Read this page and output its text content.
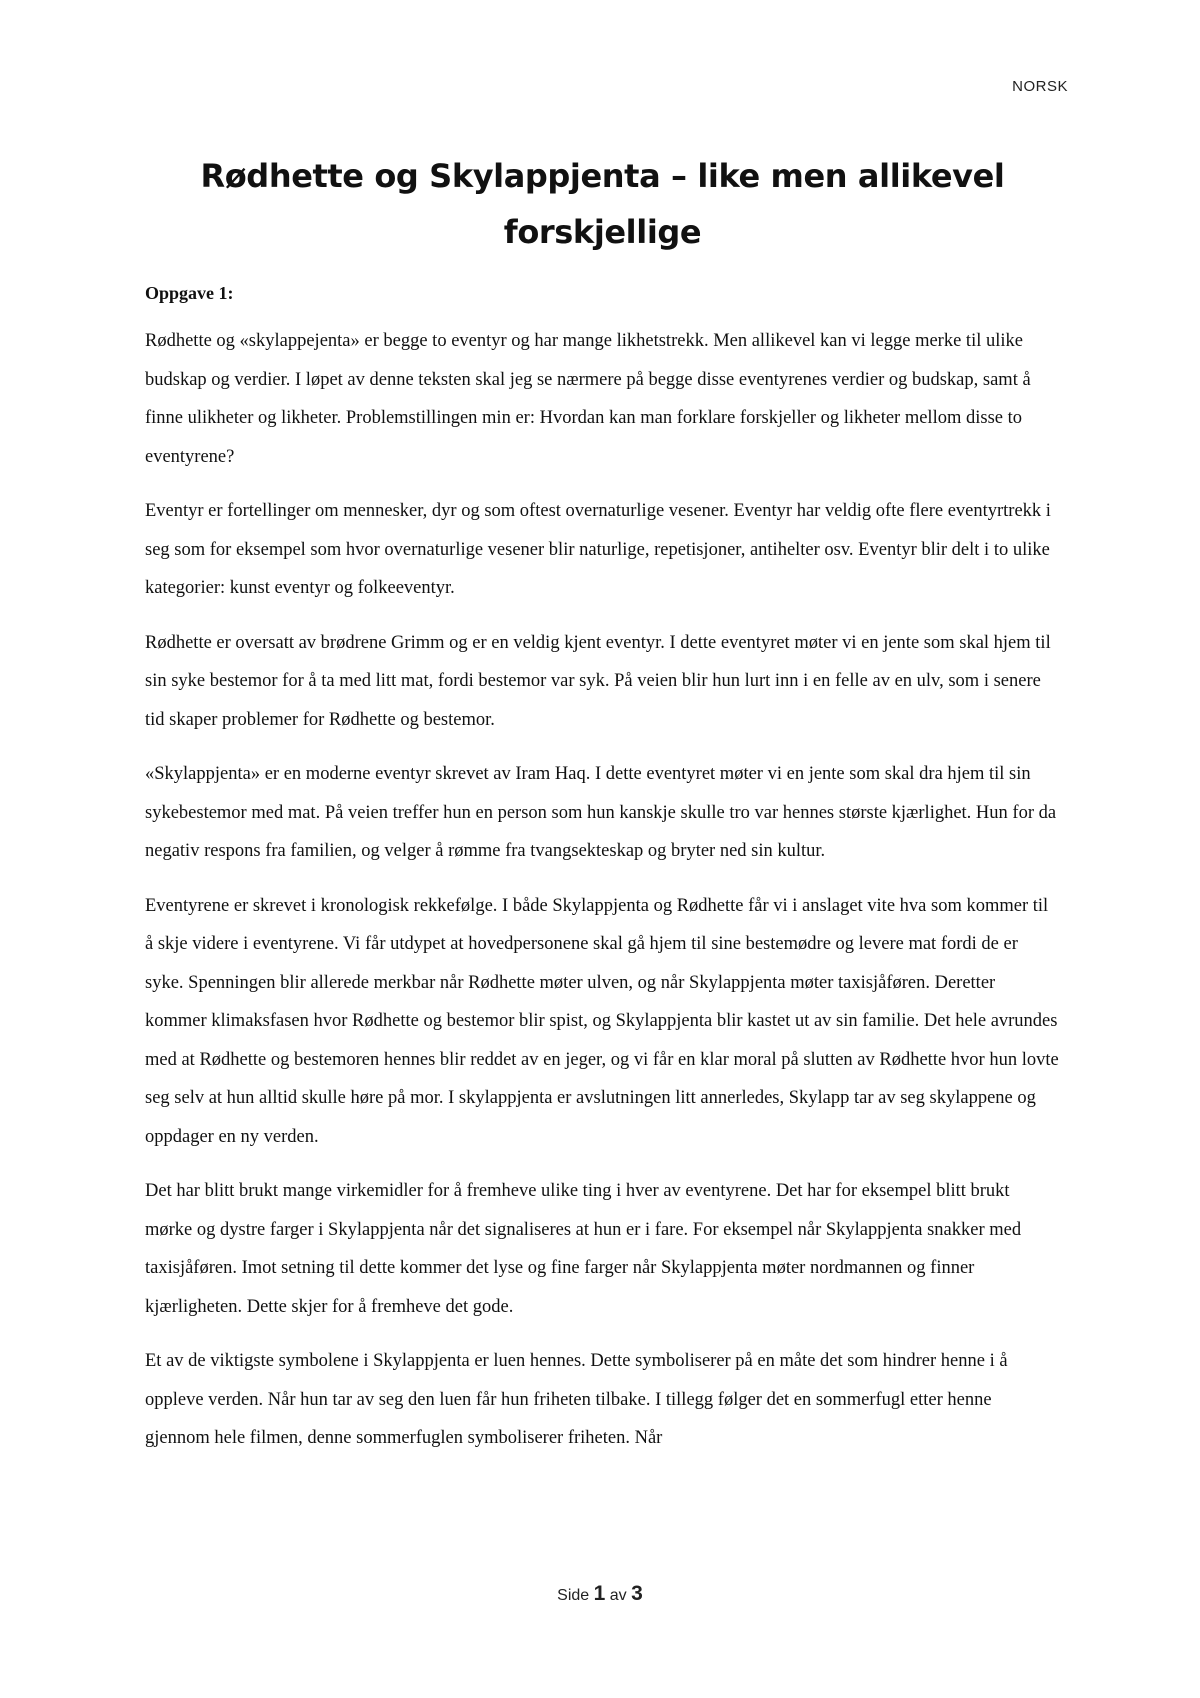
NORSK
Rødhette og Skylappjenta – like men allikevel forskjellige
Oppgave 1:

Rødhette og «skylappejenta» er begge to eventyr og har mange likhetstrekk. Men allikevel kan vi legge merke til ulike budskap og verdier. I løpet av denne teksten skal jeg se nærmere på begge disse eventyrenes verdier og budskap, samt å finne ulikheter og likheter. Problemstillingen min er: Hvordan kan man forklare forskjeller og likheter mellom disse to eventyrene?

Eventyr er fortellinger om mennesker, dyr og som oftest overnaturlige vesener. Eventyr har veldig ofte flere eventyrtrekk i seg som for eksempel som hvor overnaturlige vesener blir naturlige, repetisjoner, antihelter osv. Eventyr blir delt i to ulike kategorier: kunst eventyr og folkeeventyr.

Rødhette er oversatt av brødrene Grimm og er en veldig kjent eventyr. I dette eventyret møter vi en jente som skal hjem til sin syke bestemor for å ta med litt mat, fordi bestemor var syk. På veien blir hun lurt inn i en felle av en ulv, som i senere tid skaper problemer for Rødhette og bestemor.

«Skylappjenta» er en moderne eventyr skrevet av Iram Haq. I dette eventyret møter vi en jente som skal dra hjem til sin sykebestemor med mat. På veien treffer hun en person som hun kanskje skulle tro var hennes største kjærlighet. Hun for da negativ respons fra familien, og velger å rømme fra tvangsekteskap og bryter ned sin kultur.

Eventyrene er skrevet i kronologisk rekkefølge. I både Skylappjenta og Rødhette får vi i anslaget vite hva som kommer til å skje videre i eventyrene. Vi får utdypet at hovedpersonene skal gå hjem til sine bestemødre og levere mat fordi de er syke. Spenningen blir allerede merkbar når Rødhette møter ulven, og når Skylappjenta møter taxisjåføren. Deretter kommer klimaksfasen hvor Rødhette og bestemor blir spist, og Skylappjenta blir kastet ut av sin familie. Det hele avrundes med at Rødhette og bestemoren hennes blir reddet av en jeger, og vi får en klar moral på slutten av Rødhette hvor hun lovte seg selv at hun alltid skulle høre på mor. I skylappjenta er avslutningen litt annerledes, Skylapp tar av seg skylappene og oppdager en ny verden.

Det har blitt brukt mange virkemidler for å fremheve ulike ting i hver av eventyrene. Det har for eksempel blitt brukt mørke og dystre farger i Skylappjenta når det signaliseres at hun er i fare. For eksempel når Skylappjenta snakker med taxisjåføren. Imot setning til dette kommer det lyse og fine farger når Skylappjenta møter nordmannen og finner kjærligheten. Dette skjer for å fremheve det gode.

Et av de viktigste symbolene i Skylappjenta er luen hennes. Dette symboliserer på en måte det som hindrer henne i å oppleve verden. Når hun tar av seg den luen får hun friheten tilbake. I tillegg følger det en sommerfugl etter henne gjennom hele filmen, denne sommerfuglen symboliserer friheten. Når

Side 1 av 3
